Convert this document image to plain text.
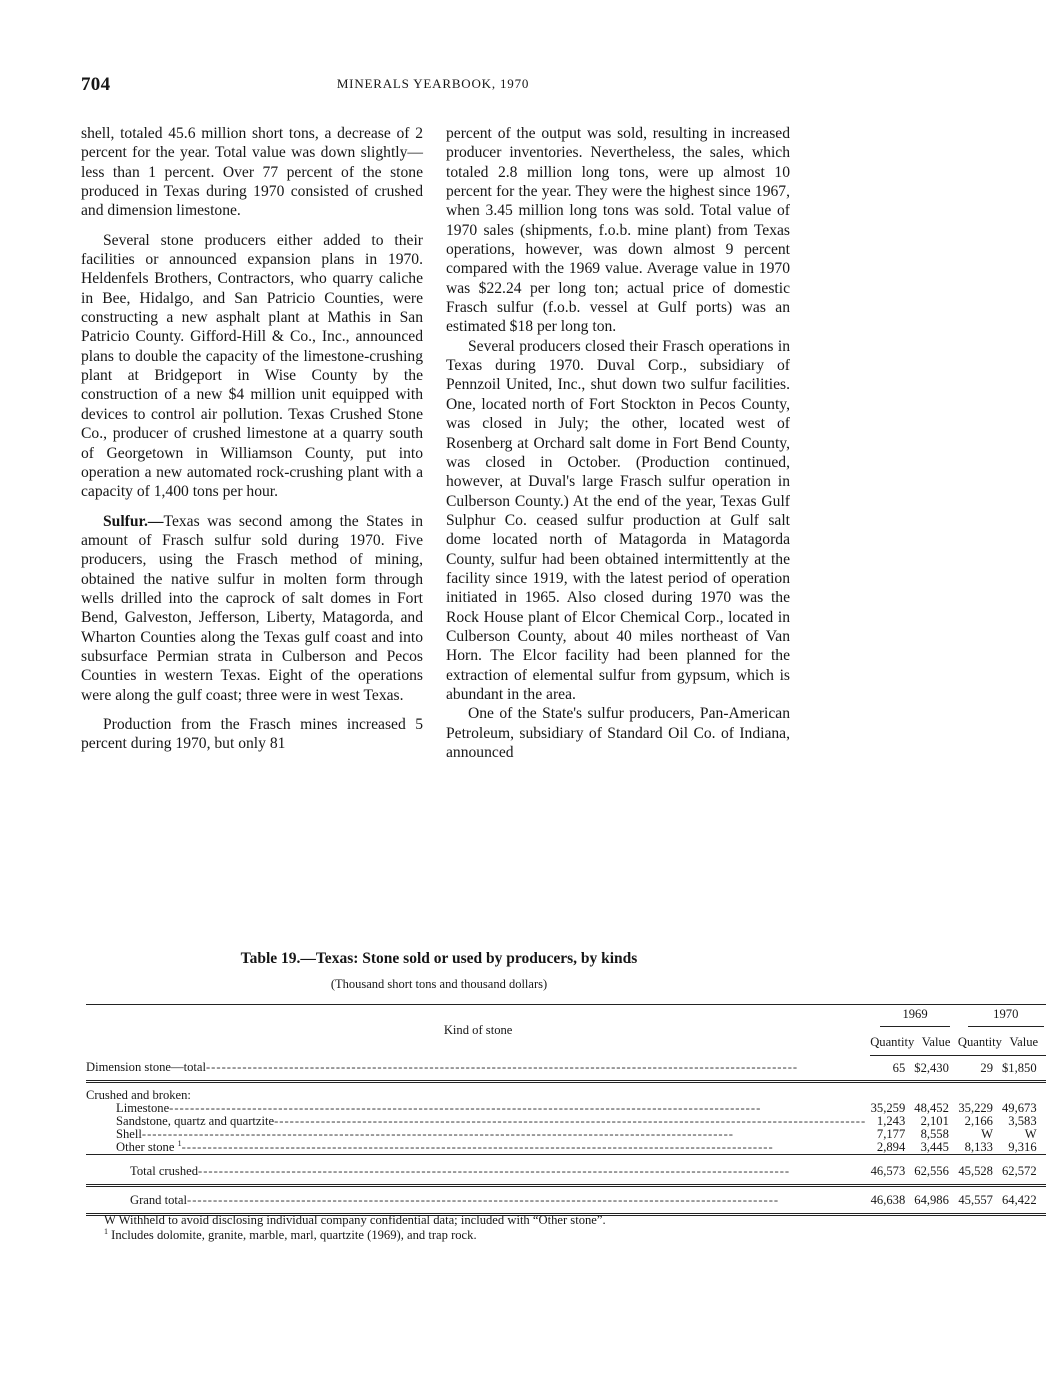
704	MINERALS YEARBOOK, 1970

shell, totaled 45.6 million short tons, a decrease of 2 percent for the year. Total value was down slightly—less than 1 percent. Over 77 percent of the stone produced in Texas during 1970 consisted of crushed and dimension limestone.

Several stone producers either added to their facilities or announced expansion plans in 1970. Heldenfels Brothers, Contractors, who quarry caliche in Bee, Hidalgo, and San Patricio Counties, were constructing a new asphalt plant at Mathis in San Patricio County. Gifford-Hill & Co., Inc., announced plans to double the capacity of the limestone-crushing plant at Bridgeport in Wise County by the construction of a new $4 million unit equipped with devices to control air pollution. Texas Crushed Stone Co., producer of crushed limestone at a quarry south of Georgetown in Williamson County, put into operation a new automated rock-crushing plant with a capacity of 1,400 tons per hour.

Sulfur.—Texas was second among the States in amount of Frasch sulfur sold during 1970. Five producers, using the Frasch method of mining, obtained the native sulfur in molten form through wells drilled into the caprock of salt domes in Fort Bend, Galveston, Jefferson, Liberty, Matagorda, and Wharton Counties along the Texas gulf coast and into subsurface Permian strata in Culberson and Pecos Counties in western Texas. Eight of the operations were along the gulf coast; three were in west Texas.

Production from the Frasch mines increased 5 percent during 1970, but only 81

percent of the output was sold, resulting in increased producer inventories. Nevertheless, the sales, which totaled 2.8 million long tons, were up almost 10 percent for the year. They were the highest since 1967, when 3.45 million long tons was sold. Total value of 1970 sales (shipments, f.o.b. mine plant) from Texas operations, however, was down almost 9 percent compared with the 1969 value. Average value in 1970 was $22.24 per long ton; actual price of domestic Frasch sulfur (f.o.b. vessel at Gulf ports) was an estimated $18 per long ton.

Several producers closed their Frasch operations in Texas during 1970. Duval Corp., subsidiary of Pennzoil United, Inc., shut down two sulfur facilities. One, located north of Fort Stockton in Pecos County, was closed in July; the other, located west of Rosenberg at Orchard salt dome in Fort Bend County, was closed in October. (Production continued, however, at Duval's large Frasch sulfur operation in Culberson County.) At the end of the year, Texas Gulf Sulphur Co. ceased sulfur production at Gulf salt dome located north of Matagorda in Matagorda County, sulfur had been obtained intermittently at the facility since 1919, with the latest period of operation initiated in 1965. Also closed during 1970 was the Rock House plant of Elcor Chemical Corp., located in Culberson County, about 40 miles northeast of Van Horn. The Elcor facility had been planned for the extraction of elemental sulfur from gypsum, which is abundant in the area.

One of the State's sulfur producers, Pan-American Petroleum, subsidiary of Standard Oil Co. of Indiana, announced

Table 19.—Texas: Stone sold or used by producers, by kinds
(Thousand short tons and thousand dollars)
Kind of stone	1969		1970	

	Quantity	Value	Quantity	Value

Dimension stone—total
-----	65	$2,430	29	$1,850

Crushed and broken:				

Limestone
-----	35,259	48,452	35,229	49,673

Sandstone, quartz and quartzite
-----	1,243	2,101	2,166	3,583

Shell
-----	7,177	8,558	W	W

Other stone $^1$
-----	2,894	3,445	8,133	9,316

Total crushed
-----	46,573	62,556	45,528	62,572

Grand total
-----	46,638	64,986	45,557	64,422
W Withheld to avoid disclosing individual company confidential data; included with “Other stone”.
$^1$ Includes dolomite, granite, marble, marl, quartzite (1969), and trap rock.
